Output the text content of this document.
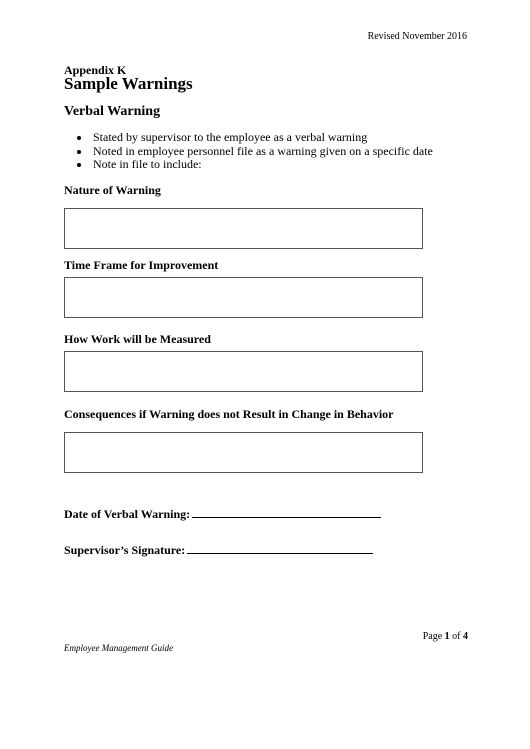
Revised November 2016
Appendix K
Sample Warnings
Verbal Warning
Stated by supervisor to the employee as a verbal warning
Noted in employee personnel file as a warning given on a specific date
Note in file to include:
Nature of Warning
Time Frame for Improvement
How Work will be Measured
Consequences if Warning does not Result in Change in Behavior
Date of Verbal Warning:
Supervisor’s Signature:
Page 1 of 4
Employee Management Guide
